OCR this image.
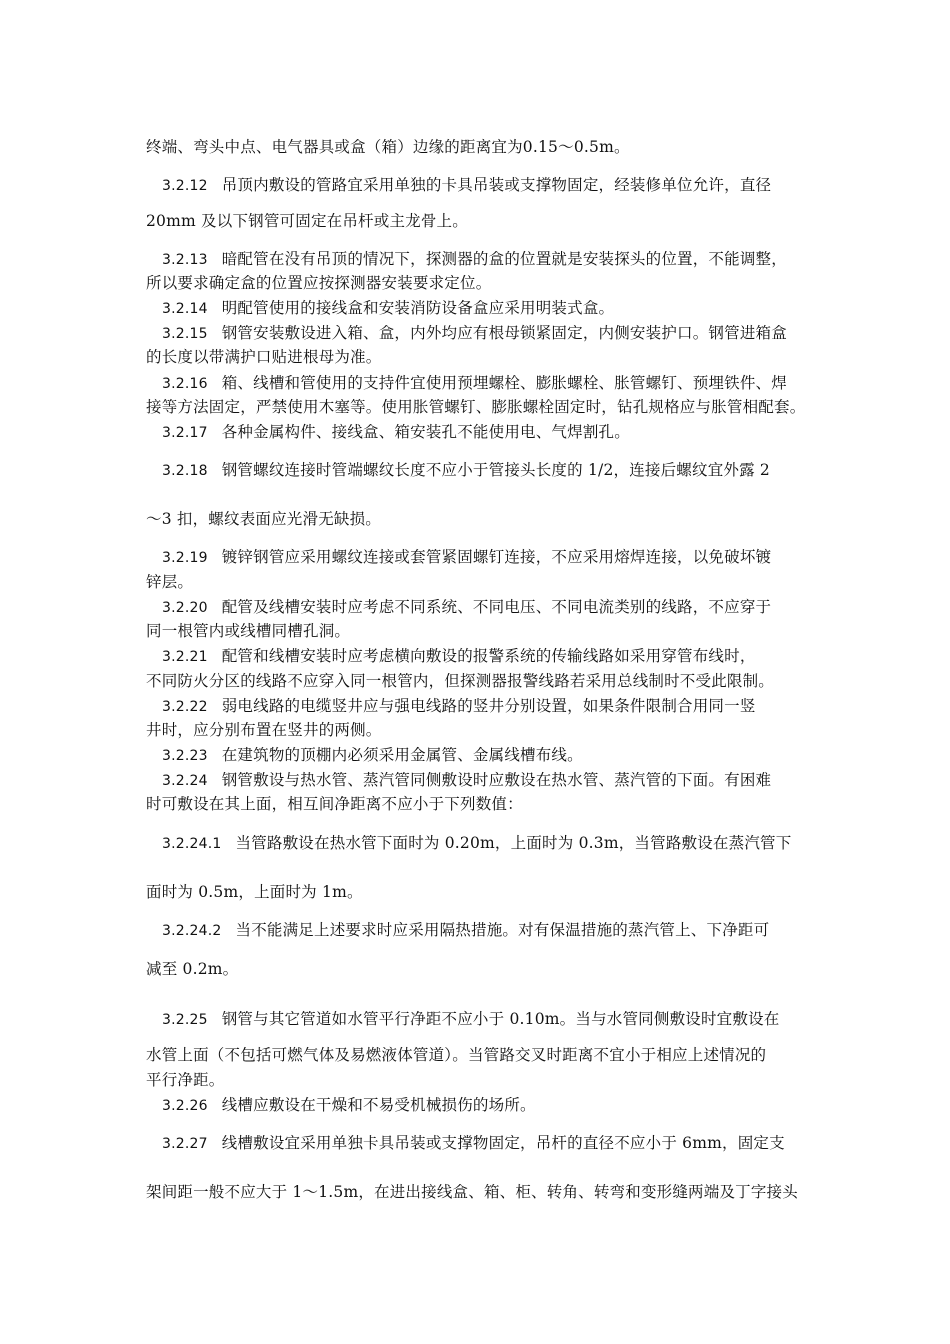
终端、弯头中点、电气器具或盒（箱）边缘的距离宜为0.15～0.5m。
3.2.12 吊顶内敷设的管路宜采用单独的卡具吊装或支撑物固定，经装修单位允许，直径
20mm 及以下钢管可固定在吊杆或主龙骨上。
3.2.13 暗配管在没有吊顶的情况下，探测器的盒的位置就是安装探头的位置，不能调整，
所以要求确定盒的位置应按探测器安装要求定位。
3.2.14 明配管使用的接线盒和安装消防设备盒应采用明装式盒。
3.2.15 钢管安装敷设进入箱、盒，内外均应有根母锁紧固定，内侧安装护口。钢管进箱盒
的长度以带满护口贴进根母为准。
3.2.16 箱、线槽和管使用的支持件宜使用预埋螺栓、膨胀螺栓、胀管螺钉、预埋铁件、焊
接等方法固定，严禁使用木塞等。使用胀管螺钉、膨胀螺栓固定时，钻孔规格应与胀管相配套。
3.2.17 各种金属构件、接线盒、箱安装孔不能使用电、气焊割孔。
3.2.18 钢管螺纹连接时管端螺纹长度不应小于管接头长度的 1/2，连接后螺纹宜外露 2
～3 扣，螺纹表面应光滑无缺损。
3.2.19 镀锌钢管应采用螺纹连接或套管紧固螺钉连接，不应采用熔焊连接，以免破坏镀
锌层。
3.2.20 配管及线槽安装时应考虑不同系统、不同电压、不同电流类别的线路，不应穿于
同一根管内或线槽同槽孔洞。
3.2.21 配管和线槽安装时应考虑横向敷设的报警系统的传输线路如采用穿管布线时，
不同防火分区的线路不应穿入同一根管内，但探测器报警线路若采用总线制时不受此限制。
3.2.22 弱电线路的电缆竖井应与强电线路的竖井分别设置，如果条件限制合用同一竖
井时，应分别布置在竖井的两侧。
3.2.23 在建筑物的顶棚内必须采用金属管、金属线槽布线。
3.2.24 钢管敷设与热水管、蒸汽管同侧敷设时应敷设在热水管、蒸汽管的下面。有困难
时可敷设在其上面，相互间净距离不应小于下列数值：
3.2.24.1 当管路敷设在热水管下面时为 0.20m，上面时为 0.3m，当管路敷设在蒸汽管下
面时为 0.5m，上面时为 1m。
3.2.24.2 当不能满足上述要求时应采用隔热措施。对有保温措施的蒸汽管上、下净距可
减至 0.2m。
3.2.25 钢管与其它管道如水管平行净距不应小于 0.10m。当与水管同侧敷设时宜敷设在
水管上面（不包括可燃气体及易燃液体管道）。当管路交叉时距离不宜小于相应上述情况的
平行净距。
3.2.26 线槽应敷设在干燥和不易受机械损伤的场所。
3.2.27 线槽敷设宜采用单独卡具吊装或支撑物固定，吊杆的直径不应小于 6mm，固定支
架间距一般不应大于 1～1.5m，在进出接线盒、箱、柜、转角、转弯和变形缝两端及丁字接头
